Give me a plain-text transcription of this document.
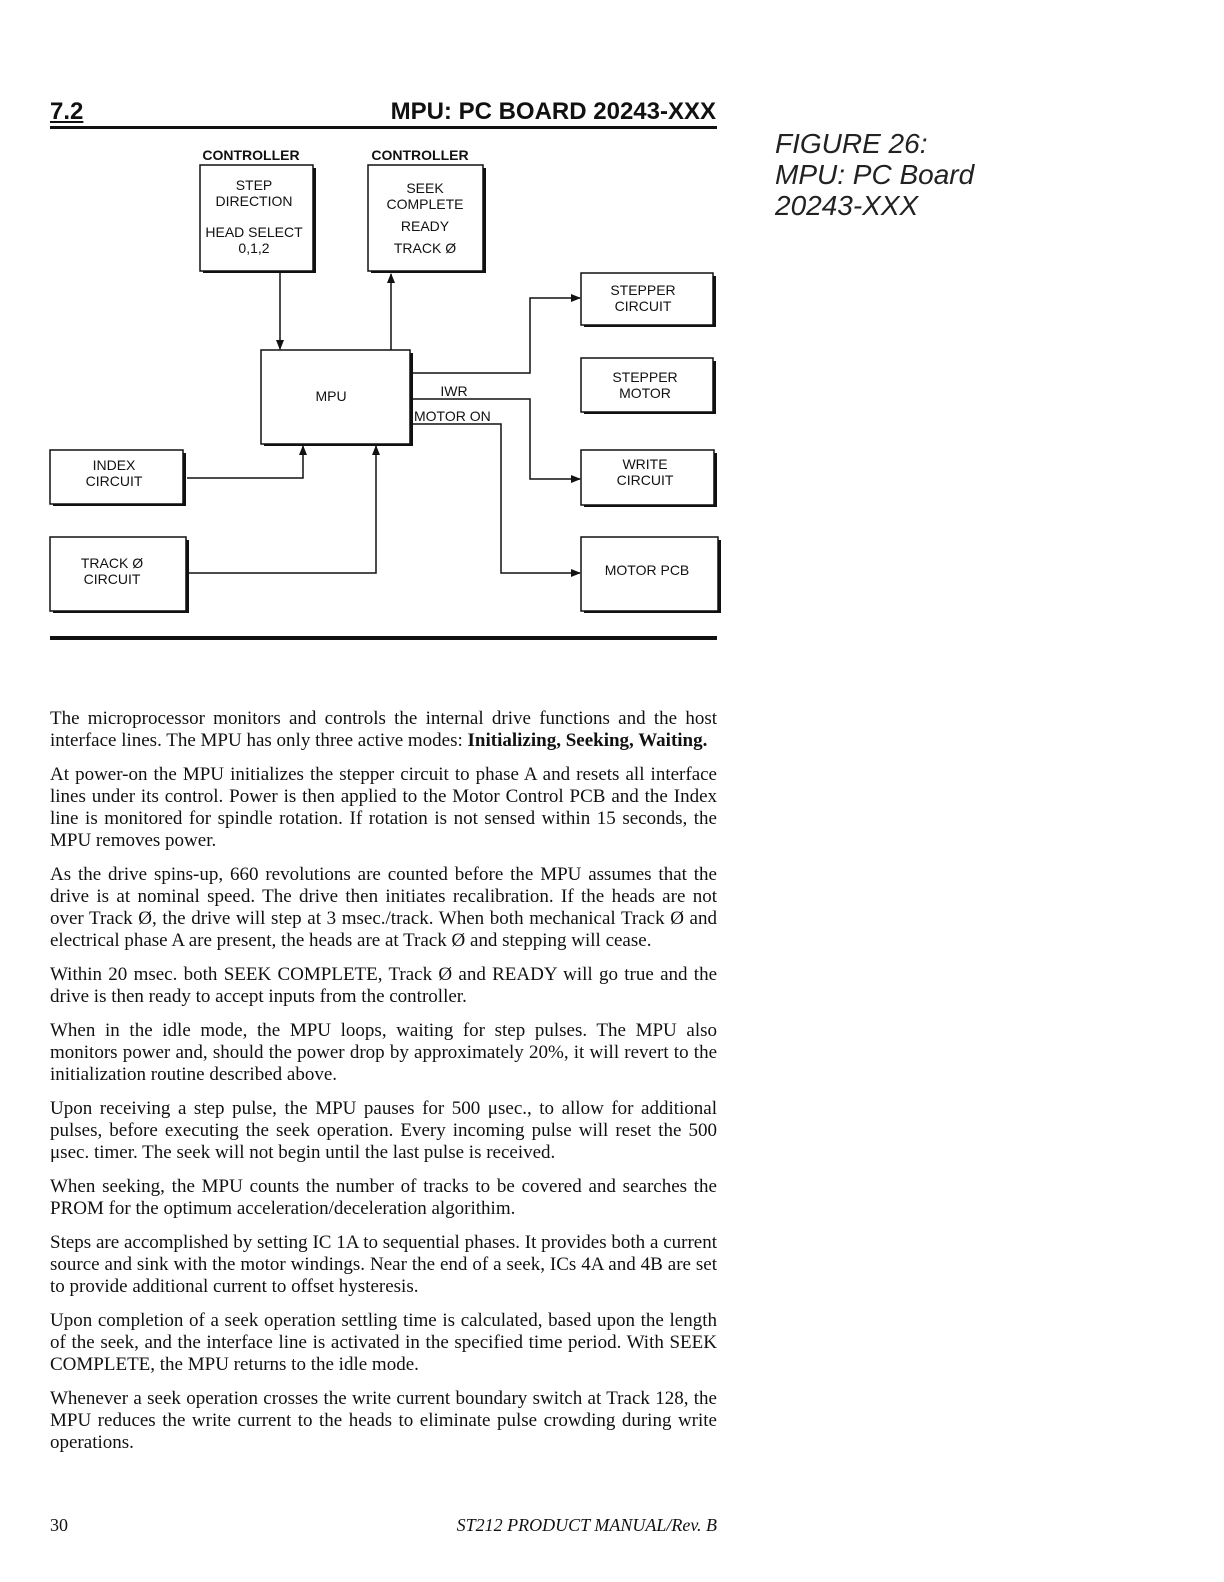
7.2	MPU: PC BOARD 20243-XXX
FIGURE 26:
MPU: PC Board
20243-XXX
CONTROLLER
STEP
DIRECTION
HEAD SELECT
0,1,2
CONTROLLER
SEEK
COMPLETE
READY
TRACK Ø
MPU	IWR
MOTOR ON
INDEX
CIRCUIT
TRACK Ø
CIRCUIT
STEPPER
CIRCUIT
STEPPER
MOTOR
WRITE
CIRCUIT
MOTOR PCB

The microprocessor monitors and controls the internal drive functions and the host interface lines. The MPU has only three active modes: Initializing, Seeking, Waiting.

At power-on the MPU initializes the stepper circuit to phase A and resets all interface lines under its control. Power is then applied to the Motor Control PCB and the Index line is monitored for spindle rotation. If rotation is not sensed within 15 seconds, the MPU removes power.

As the drive spins-up, 660 revolutions are counted before the MPU assumes that the drive is at nominal speed. The drive then initiates recalibration. If the heads are not over Track Ø, the drive will step at 3 msec./track. When both mechanical Track Ø and electrical phase A are present, the heads are at Track Ø and stepping will cease.

Within 20 msec. both SEEK COMPLETE, Track Ø and READY will go true and the drive is then ready to accept inputs from the controller.

When in the idle mode, the MPU loops, waiting for step pulses. The MPU also monitors power and, should the power drop by approximately 20%, it will revert to the initialization routine described above.

Upon receiving a step pulse, the MPU pauses for 500 μsec., to allow for additional pulses, before executing the seek operation. Every incoming pulse will reset the 500 μsec. timer. The seek will not begin until the last pulse is received.

When seeking, the MPU counts the number of tracks to be covered and searches the PROM for the optimum acceleration/deceleration algorithim.

Steps are accomplished by setting IC 1A to sequential phases. It provides both a current source and sink with the motor windings. Near the end of a seek, ICs 4A and 4B are set to provide additional current to offset hysteresis.

Upon completion of a seek operation settling time is calculated, based upon the length of the seek, and the interface line is activated in the specified time period. With SEEK COMPLETE, the MPU returns to the idle mode.

Whenever a seek operation crosses the write current boundary switch at Track 128, the MPU reduces the write current to the heads to eliminate pulse crowding during write operations.

30	ST212 PRODUCT MANUAL/Rev. B
